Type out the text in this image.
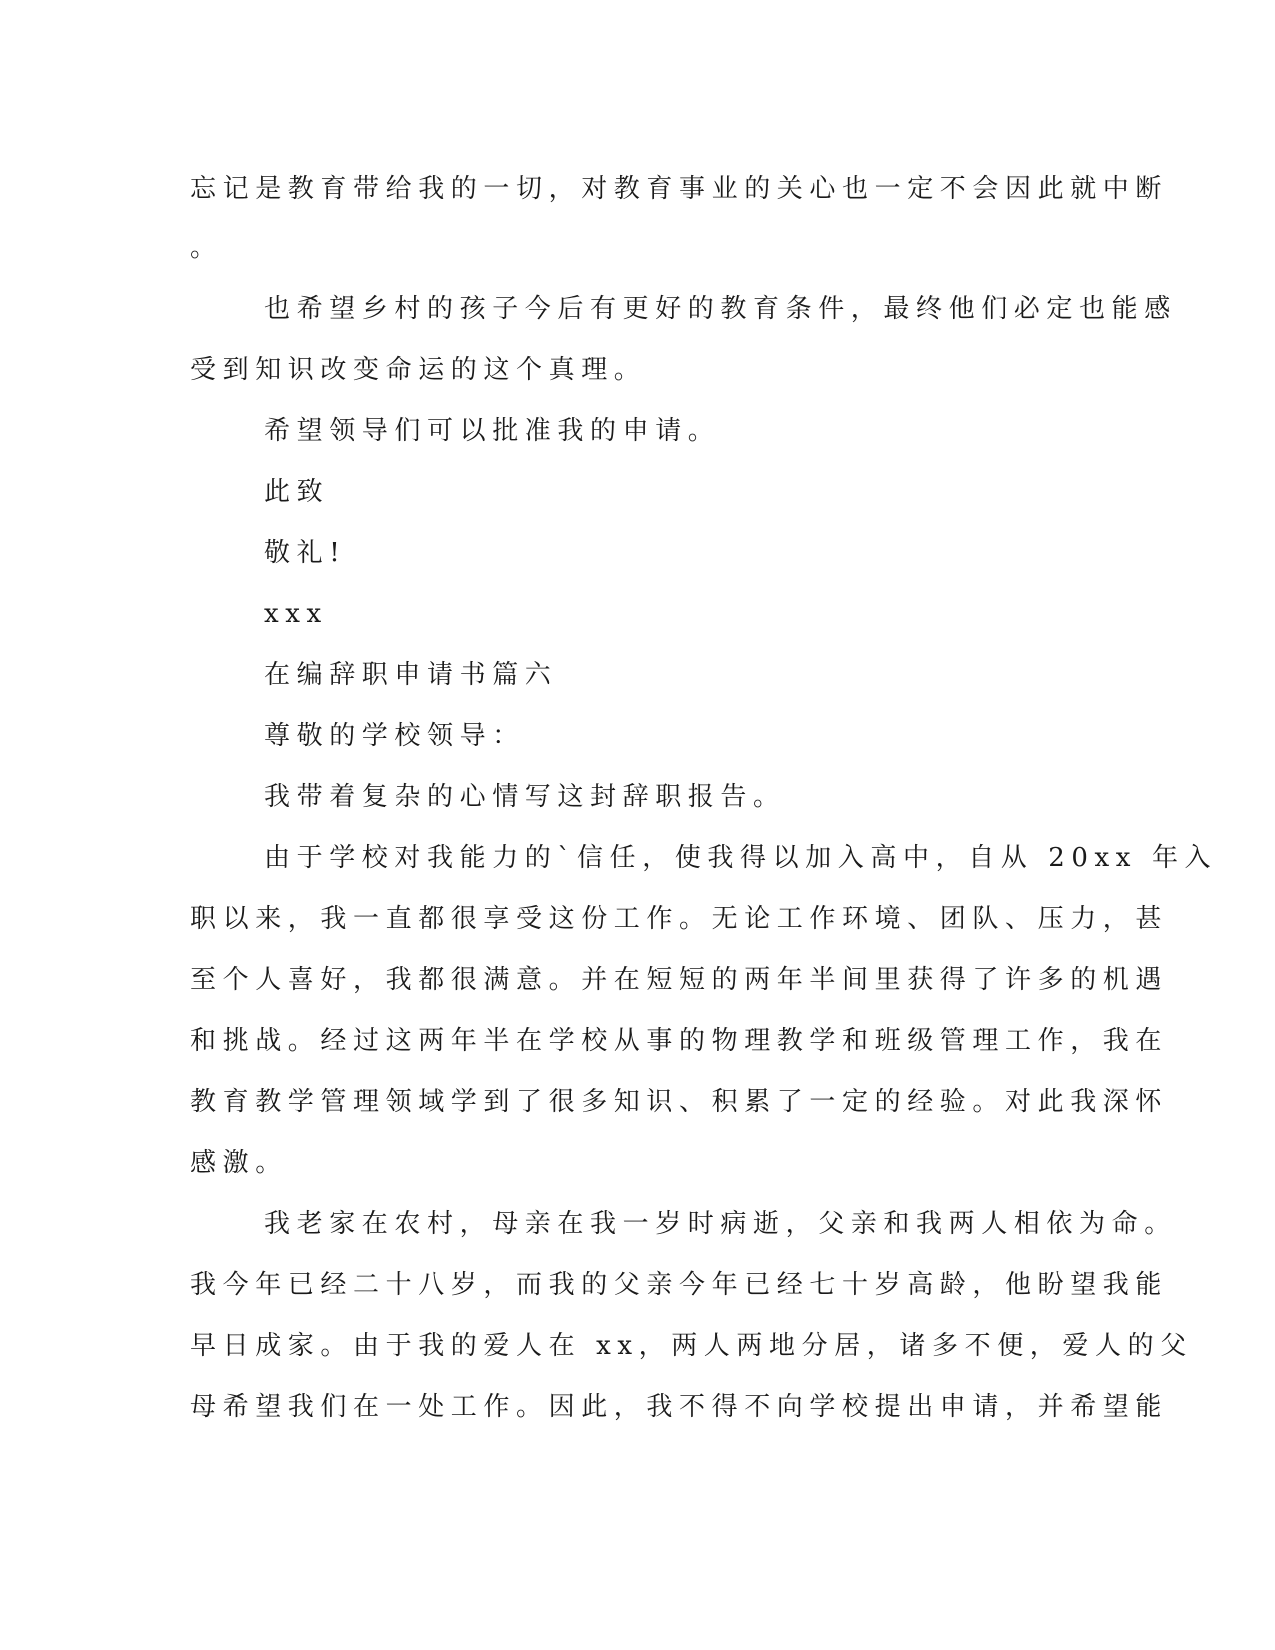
忘记是教育带给我的一切，对教育事业的关心也一定不会因此就中断
。
也希望乡村的孩子今后有更好的教育条件，最终他们必定也能感
受到知识改变命运的这个真理。
希望领导们可以批准我的申请。
此致
敬礼!
xxx
在编辞职申请书篇六
尊敬的学校领导：
我带着复杂的心情写这封辞职报告。
由于学校对我能力的`信任，使我得以加入高中，自从 20xx 年入
职以来，我一直都很享受这份工作。无论工作环境、团队、压力，甚
至个人喜好，我都很满意。并在短短的两年半间里获得了许多的机遇
和挑战。经过这两年半在学校从事的物理教学和班级管理工作，我在
教育教学管理领域学到了很多知识、积累了一定的经验。对此我深怀
感激。
我老家在农村，母亲在我一岁时病逝，父亲和我两人相依为命。
我今年已经二十八岁，而我的父亲今年已经七十岁高龄，他盼望我能
早日成家。由于我的爱人在 xx，两人两地分居，诸多不便，爱人的父
母希望我们在一处工作。因此，我不得不向学校提出申请，并希望能
